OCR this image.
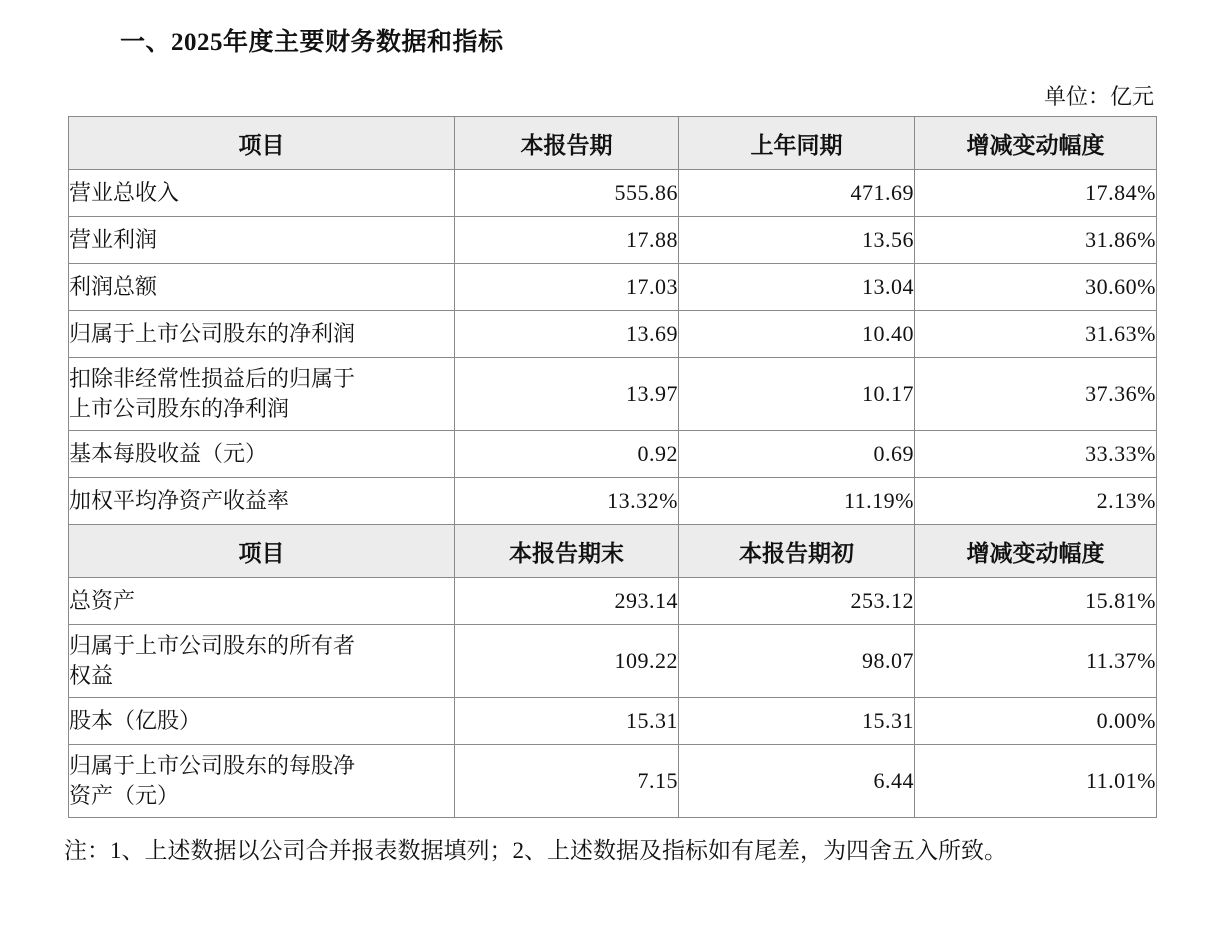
一、2025年度主要财务数据和指标
单位：亿元
项目	本报告期	上年同期	增减变动幅度
营业总收入	555.86	471.69	17.84%
营业利润	17.88	13.56	31.86%
利润总额	17.03	13.04	30.60%
归属于上市公司股东的净利润	13.69	10.40	31.63%
扣除非经常性损益后的归属于
上市公司股东的净利润	13.97	10.17	37.36%
基本每股收益（元）	0.92	0.69	33.33%
加权平均净资产收益率	13.32%	11.19%	2.13%
项目	本报告期末	本报告期初	增减变动幅度
总资产	293.14	253.12	15.81%
归属于上市公司股东的所有者
权益	109.22	98.07	11.37%
股本（亿股）	15.31	15.31	0.00%
归属于上市公司股东的每股净
资产（元）	7.15	6.44	11.01%
注：1、上述数据以公司合并报表数据填列；2、上述数据及指标如有尾差，为四舍五入所致。
